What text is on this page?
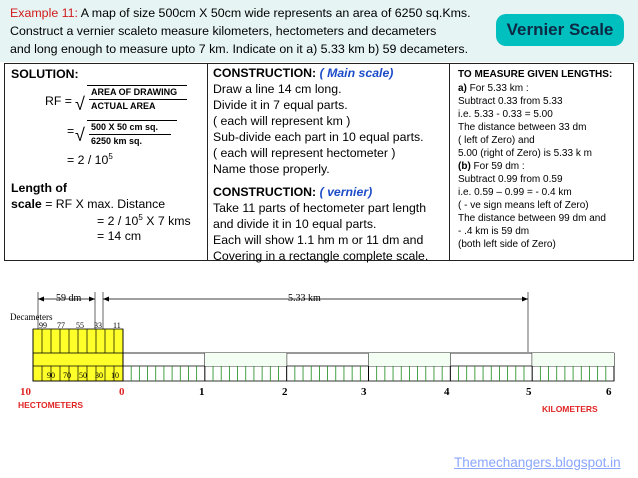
Example 11: A map of size 500cm X 50cm wide represents an area of 6250 sq.Kms.
Construct a vernier scaleto measure kilometers, hectometers and decameters
and long enough to measure upto 7 km. Indicate on it a) 5.33 km b) 59 decameters.
Vernier Scale
SOLUTION:
RF = √
AREA OF DRAWING
ACTUAL AREA
= √ 500 X 50 cm sq.
6250 km sq.
= $2 / 10^5$
Length of
scale = RF X max. Distance
= $2 / 10^5$ X 7 kms
= 14 cm
CONSTRUCTION: ( Main scale)
Draw a line 14 cm long.
Divide it in 7 equal parts.
( each will represent km )
Sub-divide each part in 10 equal parts.
( each will represent hectometer )
Name those properly.
CONSTRUCTION: ( vernier)
Take 11 parts of hectometer part length
and divide it in 10 equal parts.
Each will show 1.1 hm m or 11 dm and
Covering in a rectangle complete scale.
TO MEASURE GIVEN LENGTHS:
a) For 5.33 km :
Subtract 0.33 from 5.33
i.e. 5.33 - 0.33 = 5.00
The distance between 33 dm
( left of Zero) and
5.00 (right of Zero) is 5.33 k m
(b) For 59 dm :
Subtract 0.99 from 0.59
i.e. 0.59 – 0.99 = - 0.4 km
( - ve sign means left of Zero)
The distance between 99 dm and
- .4 km is 59 dm
(both left side of Zero)
59 dm	5.33 km
Decameters
99 77 55 33 11
90 70 50 30 10
10	0	1	2	3	4	5	6
HECTOMETERS	KILOMETERS
Themechangers.blogspot.in
